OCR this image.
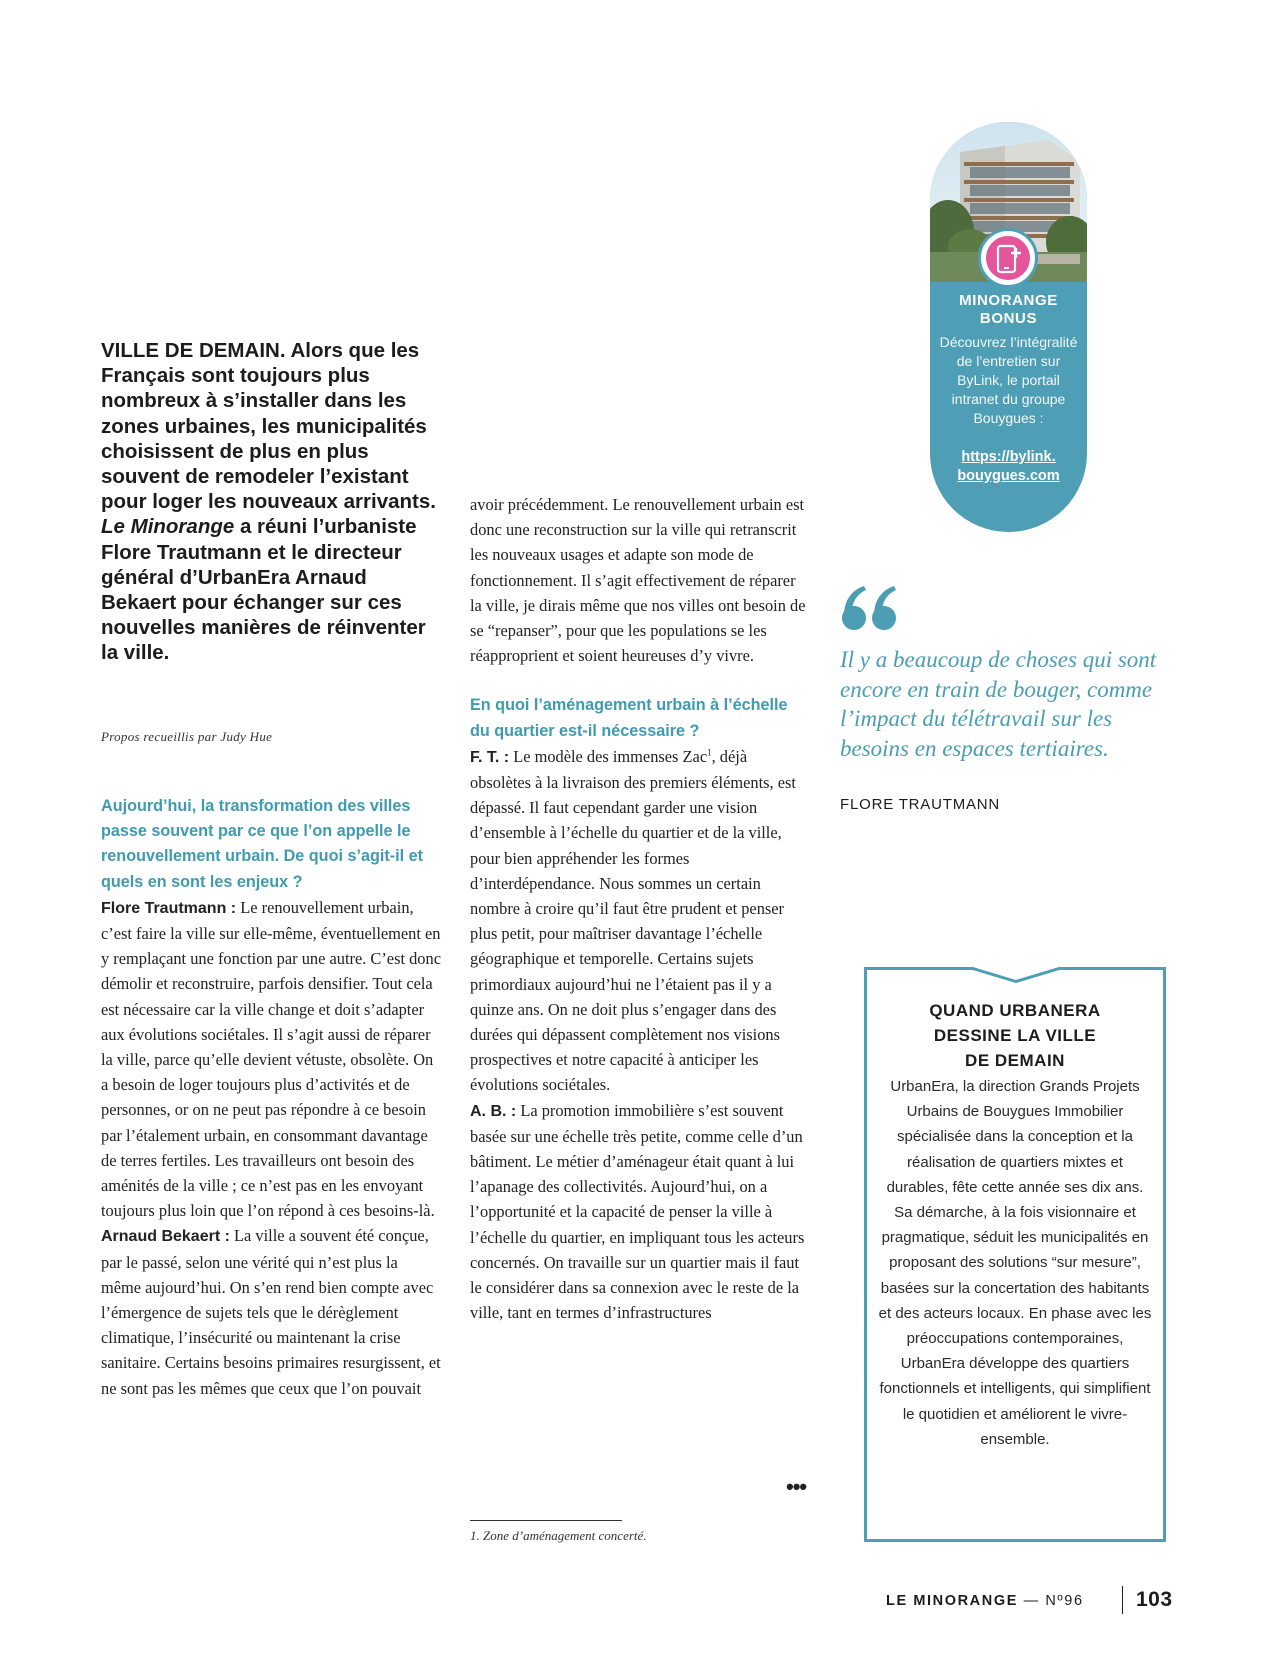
VILLE DE DEMAIN. Alors que les Français sont toujours plus nombreux à s’installer dans les zones urbaines, les municipalités choisissent de plus en plus souvent de remodeler l’existant pour loger les nouveaux arrivants. Le Minorange a réuni l’urbaniste Flore Trautmann et le directeur général d’UrbanEra Arnaud Bekaert pour échanger sur ces nouvelles manières de réinventer la ville.
Propos recueillis par Judy Hue

Aujourd’hui, la transformation des villes passe souvent par ce que l’on appelle le renouvellement urbain. De quoi s’agit-il et quels en sont les enjeux ?

Flore Trautmann : Le renouvellement urbain, c’est faire la ville sur elle-même, éventuellement en y remplaçant une fonction par une autre. C’est donc démolir et reconstruire, parfois densifier. Tout cela est nécessaire car la ville change et doit s’adapter aux évolutions sociétales. Il s’agit aussi de réparer la ville, parce qu’elle devient vétuste, obsolète. On a besoin de loger toujours plus d’activités et de personnes, or on ne peut pas répondre à ce besoin par l’étalement urbain, en consommant davantage de terres fertiles. Les travailleurs ont besoin des aménités de la ville ; ce n’est pas en les envoyant toujours plus loin que l’on répond à ces besoins-là.

Arnaud Bekaert : La ville a souvent été conçue, par le passé, selon une vérité qui n’est plus la même aujourd’hui. On s’en rend bien compte avec l’émergence de sujets tels que le dérèglement climatique, l’insécurité ou maintenant la crise sanitaire. Certains besoins primaires resurgissent, et ne sont pas les mêmes que ceux que l’on pouvait

avoir précédemment. Le renouvellement urbain est donc une reconstruction sur la ville qui retranscrit les nouveaux usages et adapte son mode de fonctionnement. Il s’agit effectivement de réparer la ville, je dirais même que nos villes ont besoin de se “repanser”, pour que les populations se les réapproprient et soient heureuses d’y vivre.

En quoi l’aménagement urbain à l’échelle du quartier est-il nécessaire ?

F. T. : Le modèle des immenses Zac$^1$, déjà obsolètes à la livraison des premiers éléments, est dépassé. Il faut cependant garder une vision d’ensemble à l’échelle du quartier et de la ville, pour bien appréhender les formes d’interdépendance. Nous sommes un certain nombre à croire qu’il faut être prudent et penser plus petit, pour maîtriser davantage l’échelle géographique et temporelle. Certains sujets primordiaux aujourd’hui ne l’étaient pas il y a quinze ans. On ne doit plus s’engager dans des durées qui dépassent complètement nos visions prospectives et notre capacité à anticiper les évolutions sociétales.

A. B. : La promotion immobilière s’est souvent basée sur une échelle très petite, comme celle d’un bâtiment. Le métier d’aménageur était quant à lui l’apanage des collectivités. Aujourd’hui, on a l’opportunité et la capacité de penser la ville à l’échelle du quartier, en impliquant tous les acteurs concernés. On travaille sur un quartier mais il faut le considérer dans sa connexion avec le reste de la ville, tant en termes d’infrastructures

•••
1. Zone d’aménagement concerté.
MINORANGE
BONUS
Découvrez l’intégralité de l’entretien sur ByLink, le portail intranet du groupe Bouygues :
https://bylink.
bouygues.com
Il y a beaucoup de choses qui sont encore en train de bouger, comme l’impact du télétravail sur les besoins en espaces tertiaires.
FLORE TRAUTMANN
QUAND URBANERA
DESSINE LA VILLE
DE DEMAIN
UrbanEra, la direction Grands Projets Urbains de Bouygues Immobilier spécialisée dans la conception et la réalisation de quartiers mixtes et durables, fête cette année ses dix ans. Sa démarche, à la fois visionnaire et pragmatique, séduit les municipalités en proposant des solutions “sur mesure”, basées sur la concertation des habitants et des acteurs locaux. En phase avec les préoccupations contemporaines, UrbanEra développe des quartiers fonctionnels et intelligents, qui simplifient le quotidien et améliorent le vivre-ensemble.
LE MINORANGE — Nº96 103
